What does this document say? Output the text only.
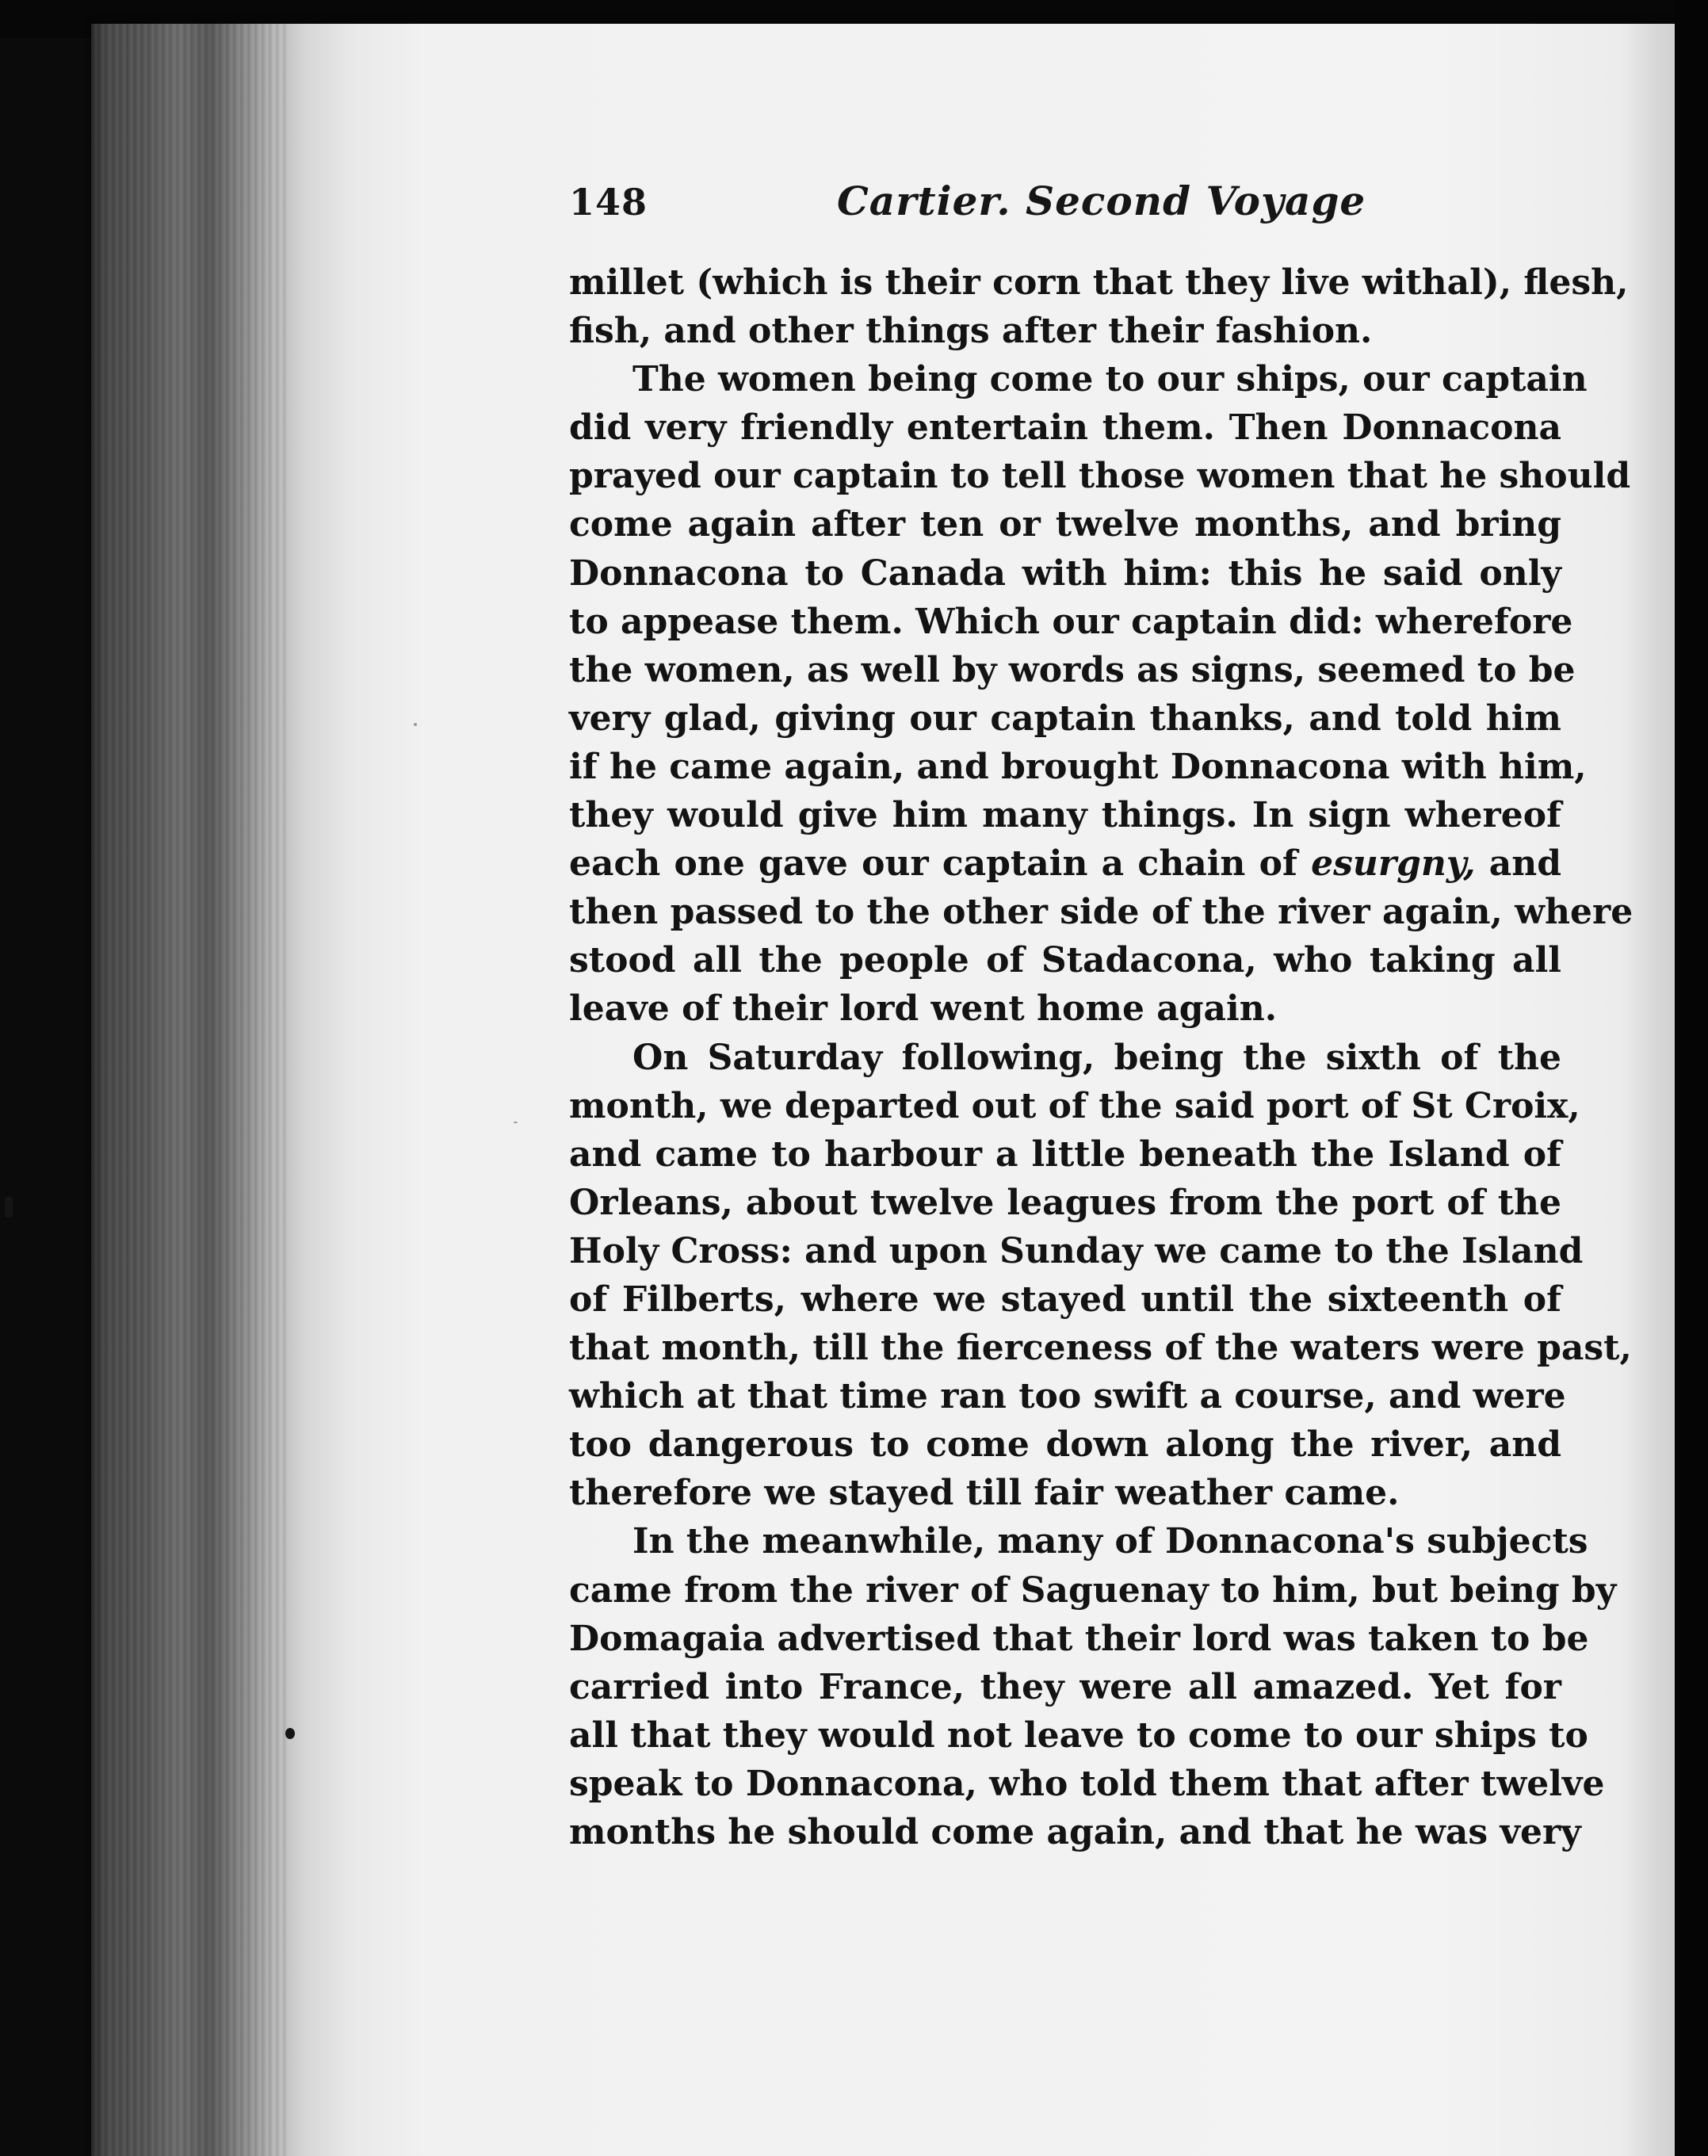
148	Cartier. Second Voyage
millet (which is their corn that they live withal), flesh,
fish, and other things after their fashion.
The women being come to our ships, our captain
did very friendly entertain them. Then Donnacona
prayed our captain to tell those women that he should
come again after ten or twelve months, and bring
Donnacona to Canada with him: this he said only
to appease them. Which our captain did: wherefore
the women, as well by words as signs, seemed to be
very glad, giving our captain thanks, and told him
if he came again, and brought Donnacona with him,
they would give him many things. In sign whereof
each one gave our captain a chain of esurgny, and
then passed to the other side of the river again, where
stood all the people of Stadacona, who taking all
leave of their lord went home again.
On Saturday following, being the sixth of the
month, we departed out of the said port of St Croix,
and came to harbour a little beneath the Island of
Orleans, about twelve leagues from the port of the
Holy Cross: and upon Sunday we came to the Island
of Filberts, where we stayed until the sixteenth of
that month, till the fierceness of the waters were past,
which at that time ran too swift a course, and were
too dangerous to come down along the river, and
therefore we stayed till fair weather came.
In the meanwhile, many of Donnacona's subjects
came from the river of Saguenay to him, but being by
Domagaia advertised that their lord was taken to be
carried into France, they were all amazed. Yet for
all that they would not leave to come to our ships to
speak to Donnacona, who told them that after twelve
months he should come again, and that he was very
